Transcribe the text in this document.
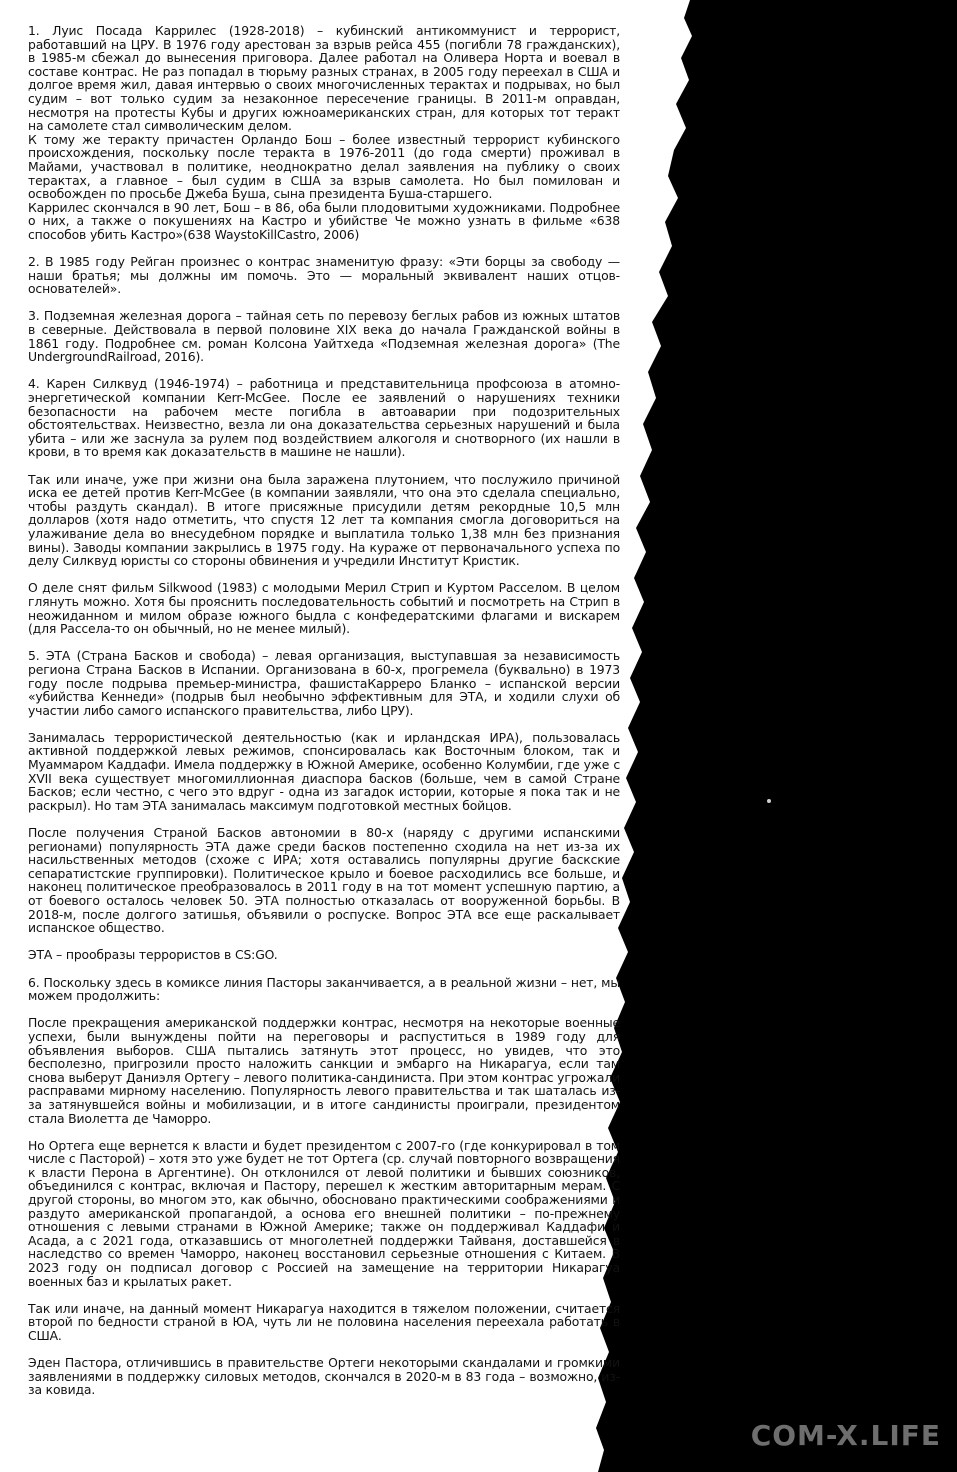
1. Луис Посада Каррилес (1928-2018) – кубинский антикоммунист и террорист, работавший на ЦРУ. В 1976 году арестован за взрыв рейса 455 (погибли 78 гражданских), в 1985-м сбежал до вынесения приговора. Далее работал на Оливера Норта и воевал в составе контрас. Не раз попадал в тюрьму разных странах, в 2005 году переехал в США и долгое время жил, давая интервью о своих многочисленных терактах и подрывах, но был судим – вот только судим за незаконное пересечение границы. В 2011-м оправдан, несмотря на протесты Кубы и других южноамериканских стран, для которых тот теракт на самолете стал символическим делом.

К тому же теракту причастен Орландо Бош – более известный террорист кубинского происхождения, поскольку после теракта в 1976-2011 (до года смерти) проживал в Майами, участвовал в политике, неоднократно делал заявления на публику о своих терактах, а главное – был судим в США за взрыв самолета. Но был помилован и освобожден по просьбе Джеба Буша, сына президента Буша-старшего.

Каррилес скончался в 90 лет, Бош – в 86, оба были плодовитыми художниками. Подробнее о них, а также о покушениях на Кастро и убийстве Че можно узнать в фильме «638 способов убить Кастро»(638 WaystoKillCastro, 2006)

2. В 1985 году Рейган произнес о контрас знаменитую фразу: «Эти борцы за свободу — наши братья; мы должны им помочь. Это — моральный эквивалент наших отцов-основателей».

3. Подземная железная дорога – тайная сеть по перевозу беглых рабов из южных штатов в северные. Действовала в первой половине XIX века до начала Гражданской войны в 1861 году. Подробнее см. роман Колсона Уайтхеда «Подземная железная дорога» (The UndergroundRailroad, 2016).

4. Карен Силквуд (1946-1974) – работница и представительница профсоюза в атомно-энергетической компании Kerr-McGee. После ее заявлений о нарушениях техники безопасности на рабочем месте погибла в автоаварии при подозрительных обстоятельствах. Неизвестно, везла ли она доказательства серьезных нарушений и была убита – или же заснула за рулем под воздействием алкоголя и снотворного (их нашли в крови, в то время как доказательств в машине не нашли).

Так или иначе, уже при жизни она была заражена плутонием, что послужило причиной иска ее детей против Kerr-McGee (в компании заявляли, что она это сделала специально, чтобы раздуть скандал). В итоге присяжные присудили детям рекордные 10,5 млн долларов (хотя надо отметить, что спустя 12 лет та компания смогла договориться на улаживание дела во внесудебном порядке и выплатила только 1,38 млн без признания вины). Заводы компании закрылись в 1975 году. На кураже от первоначального успеха по делу Силквуд юристы со стороны обвинения и учредили Институт Кристик.

О деле снят фильм Silkwood (1983) с молодыми Мерил Стрип и Куртом Расселом. В целом глянуть можно. Хотя бы прояснить последовательность событий и посмотреть на Стрип в неожиданном и милом образе южного быдла с конфедератскими флагами и вискарем (для Рассела-то он обычный, но не менее милый).

5. ЭТА (Страна Басков и свобода) – левая организация, выступавшая за независимость региона Страна Басков в Испании. Организована в 60-х, прогремела (буквально) в 1973 году после подрыва премьер-министра, фашистаКарреро Бланко – испанской версии «убийства Кеннеди» (подрыв был необычно эффективным для ЭТА, и ходили слухи об участии либо самого испанского правительства, либо ЦРУ).

Занималась террористической деятельностью (как и ирландская ИРА), пользовалась активной поддержкой левых режимов, спонсировалась как Восточным блоком, так и Муаммаром Каддафи. Имела поддержку в Южной Америке, особенно Колумбии, где уже с XVII века существует многомиллионная диаспора басков (больше, чем в самой Стране Басков; если честно, с чего это вдруг - одна из загадок истории, которые я пока так и не раскрыл). Но там ЭТА занималась максимум подготовкой местных бойцов.

После получения Страной Басков автономии в 80-х (наряду с другими испанскими регионами) популярность ЭТА даже среди басков постепенно сходила на нет из-за их насильственных методов (схоже с ИРА; хотя оставались популярны другие баскские сепаратистские группировки). Политическое крыло и боевое расходились все больше, и наконец политическое преобразовалось в 2011 году в на тот момент успешную партию, а от боевого осталось человек 50. ЭТА полностью отказалась от вооруженной борьбы. В 2018-м, после долгого затишья, объявили о роспуске. Вопрос ЭТА все еще раскалывает испанское общество.

ЭТА – прообразы террористов в CS:GO.

6. Поскольку здесь в комиксе линия Пасторы заканчивается, а в реальной жизни – нет, мы можем продолжить:

После прекращения американской поддержки контрас, несмотря на некоторые военные успехи, были вынуждены пойти на переговоры и распуститься в 1989 году для объявления выборов. США пытались затянуть этот процесс, но увидев, что это бесполезно, пригрозили просто наложить санкции и эмбарго на Никарагуа, если там снова выберут Даниэля Ортегу – левого политика-сандиниста. При этом контрас угрожали расправами мирному населению. Популярность левого правительства и так шаталась из-за затянувшейся войны и мобилизации, и в итоге сандинисты проиграли, президентом стала Виолетта де Чаморро.

Но Ортега еще вернется к власти и будет президентом с 2007-го (где конкурировал в том числе с Пасторой) – хотя это уже будет не тот Ортега (ср. случай повторного возвращения к власти Перона в Аргентине). Он отклонился от левой политики и бывших союзников, объединился с контрас, включая и Пастору, перешел к жестким авторитарным мерам. С другой стороны, во многом это, как обычно, обосновано практическими соображениями и раздуто американской пропагандой, а основа его внешней политики – по-прежнему отношения с левыми странами в Южной Америке; также он поддерживал Каддафи и Асада, а с 2021 года, отказавшись от многолетней поддержки Тайваня, доставшейся в наследство со времен Чаморро, наконец восстановил серьезные отношения с Китаем. В 2023 году он подписал договор с Россией на замещение на территории Никарагуа военных баз и крылатых ракет.

Так или иначе, на данный момент Никарагуа находится в тяжелом положении, считается второй по бедности страной в ЮА, чуть ли не половина населения переехала работать в США.

Эден Пастора, отличившись в правительстве Ортеги некоторыми скандалами и громкими заявлениями в поддержку силовых методов, скончался в 2020-м в 83 года – возможно, из-за ковида.

COM-X.LIFE
